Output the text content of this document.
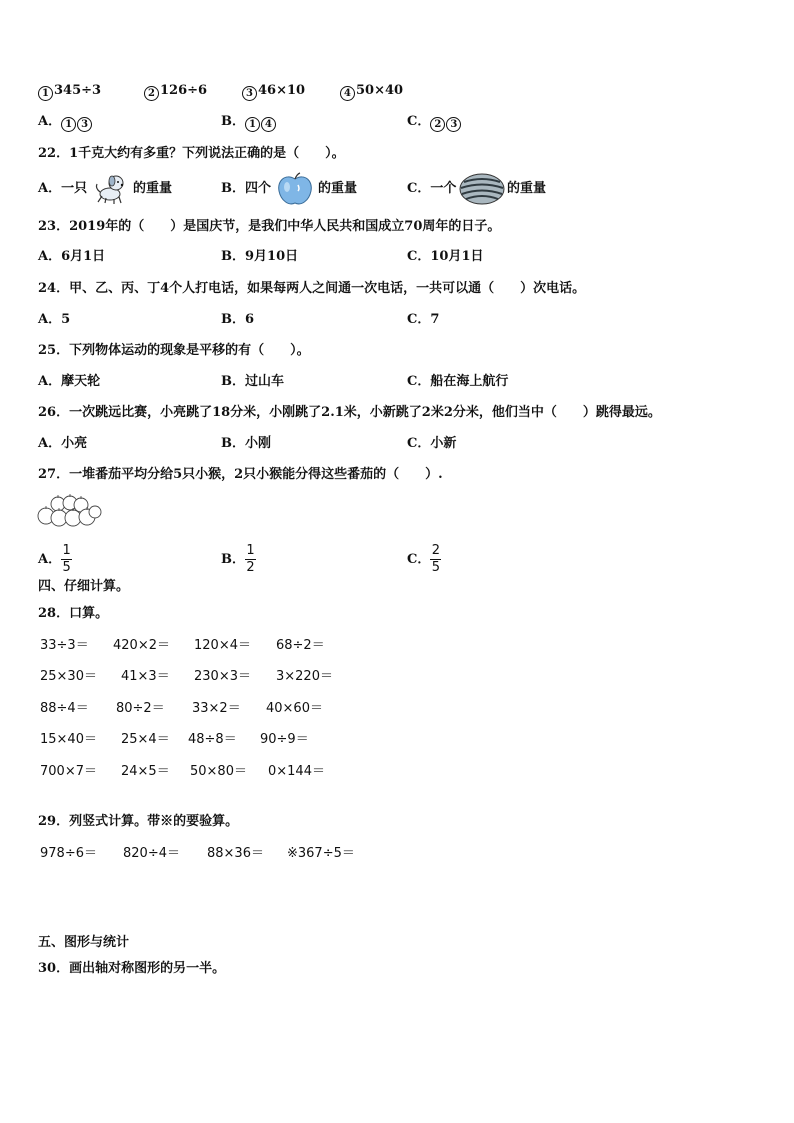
1 345÷3	2 126÷6	3 46×10	4 50×40
A． 1 3	B． 1 4	C． 2 3
22．1千克大约有多重？下列说法正确的是（　　）。
A．一只	的重量	B．四个	的重量	C．一个	的重量
23．2019年的（　　）是国庆节，是我们中华人民共和国成立70周年的日子。
A．6月1日	B．9月10日	C．10月1日
24．甲、乙、丙、丁4个人打电话，如果每两人之间通一次电话，一共可以通（　　）次电话。
A．5	B．6	C．7
25．下列物体运动的现象是平移的有（　　）。
A．摩天轮	B．过山车	C．船在海上航行
26．一次跳远比赛，小亮跳了18分米，小刚跳了2.1米，小新跳了2米2分米，他们当中（　　）跳得最远。
A．小亮	B．小刚	C．小新
27．一堆番茄平均分给5只小猴，2只小猴能分得这些番茄的（　　）.
A． $\frac{1}{5}$	B． $\frac{1}{2}$	C． $\frac{2}{5}$
四、仔细计算。
28．口算。
33÷3＝ 420×2＝ 120×4＝ 68÷2＝
25×30＝ 41×3＝ 230×3＝ 3×220＝
88÷4＝ 80÷2＝ 33×2＝ 40×60＝
15×40＝ 25×4＝ 48÷8＝ 90÷9＝
700×7＝ 24×5＝ 50×80＝ 0×144＝
29．列竖式计算。带※的要验算。
978÷6＝ 820÷4＝ 88×36＝ ※367÷5＝
五、图形与统计
30．画出轴对称图形的另一半。
